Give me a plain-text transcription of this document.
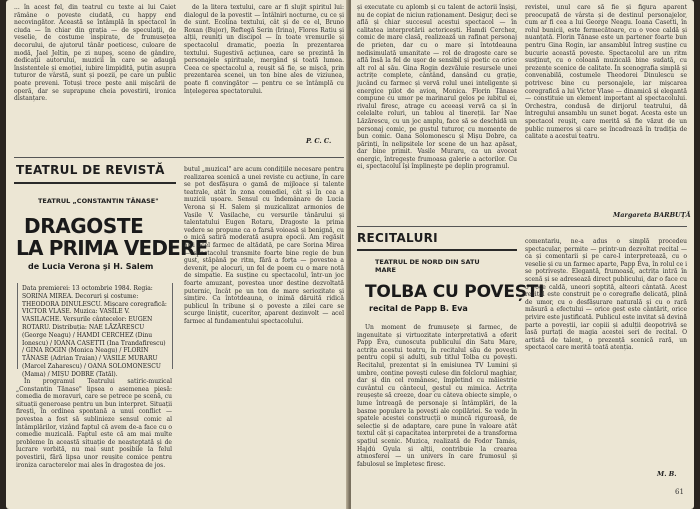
... în acest fel, din teatrul cu texte ai lui Caiet rămâne o poveste ciudată, cu happy end necovingător. Această se întâmplă în spectacol în ciuda — în chiar din grația — de speculații, de veselie, de costume inspirate, de frumusețea decorului, de ajutorul tânăr poeticesc, culoare de modă, Jael Jeltin, pe zi nupeș, sceno de gândire, dedicații autorului, muzicii în care se adaugă însistentele și emoției, iubire limpidită, puțin asupra tuturor de vârstă, sunt și poezii, pe care un public poate preveni. Totuși trece peste anii mișcării de operă, dar se suprapune cheia povestirii, ironica distanțare.

de la litera textului, care ar fi slujit spiritul lui: dialogul de la povestit — întâlniri nocturne, cu ce și de sunt. Ecolina textului, cât și de ce el, Bruno Roxan (Bujor), Reftegă Serin (Irina), Flores Ratiu și alții, reuniți un discipol — în toate vremurile și spectacolul dramatic, poezia în prezentarea textului. Sugestivă acțiunea, care se prezintă în personajele spirituale, mergând și toată lumea. Ceea ce spectacolul a, reușit să fie, se mișcă, prin prezentarea scenei, un ton bine ales de viziunea, poate fi convingător — pentru ce se întâmplă cu înțelegerea spectatorului.

P. C. C.
TEATRUL DE REVISTĂ
TEATRUL „CONSTANTIN TĂNASE"
DRAGOSTE
LA PRIMA VEDERE
de Lucia Verona și H. Salem
Data premierei: 13 octombrie 1984. Regia: SORINA MIREA. Decoruri și costume: THEODORA DINULESCU. Mișcare coregrafică: VICTOR VLASE. Muzica: VASILE V. VASILACHE. Versurile cântecelor: EUGEN ROTARU. Distribuția: NAE LĂZĂRESCU (George Neagu) / HAMDI CERCHEZ (Dinu Ionescu) / IOANA CASETTI (Ina Trandafirescu) / GINA ROGIN (Monica Neagu) / FLORIN TĂNASE (Adrian Traian) / VASILE MURARU (Marcel Zaharescu) / OANA SOLOMONESCU (Mama) / MIȘU DOBRE (Tatăl).

În programul Teatrului satiric-muzical „Constantin Tănase" lipsea o asemenea piesă: comedia de moravuri, care se petrece pe scenă, cu situații generoase pentru un bun interpret. Situații firești, în ordinea spontană a unui conflict — povestea a fost să sublinieze sensul comic al întâmplărilor, vizând faptul că avem de-a face cu o comedie muzicală. Faptul este că am mai multe probleme în această situație de neașteptată și de lucrare vorbită, nu mai sunt posibile la felul povestirii, fără lipsa unor reușite comice pentru ironiza caracterelor mai ales în dragostea de jos.

butul „muzical" are acum condițiile necesare pentru realizarea scenică a unei reviste cu acțiune, în care se pot desfășura o gamă de mijloace și talente teatrale, atât în zona comediei, cât și în cea a muzicii ușoare. Sensul cu îndemânare de Lucia Verona și H. Salem și muzicalizat armonios de Vasile V. Vasilache, cu versurile tânărului și talentatului Eugen Rotaru, Dragoste la prima vedere se propune ca o farsă voioasă și benignă, cu o mică satiră moderată asupra epocii. Am regăsit aici acel farmec de altădată, pe care Sorina Mirea — spectacolul transmite foarte bine regie de bun gust, stăpână pe ritm, fără a forța — povestea a devenit, pe alocuri, un fel de poem cu o mare notă de simpatie. Ea susține cu spectacolul, într-un joc foarte amuzant, povestea unor destine dezvoltată puternic, încât pe un ton de mare seriozitate și simțire. Ca întotdeauna, o inimă dăruită ridică publicul în tribune și o poveste a zilei care se scurge liniștit, cuceritor, aparent dezinvolt — acel farmec al fundamentului spectacolului.

și executate cu aplomb și cu talent de actorii înșiși, nu de copiat de niciun raționament. Desigur, deci se află și chiar succesul acestui spectacol — în calitatea interpretării actoricești. Hamdi Cerchez, comic de mare clasă, realizează un rafinat personaj de prieten, dar cu o mare și întotdeauna nedisimulată umanitate — rol de dragoste care se află însă la fel de ușor de sensibil și poetic ca orice alt rol al său. Gina Rogin dezvăluie resursele unei actrițe complete, cântând, dansând cu grație, jucând cu farmec și vervă rolul unei inteligente și energice pilot de avion, Monica. Florin Tănase compune cu umor pe marinarul gelos pe iubitul ei, rivalul firesc, atrage cu aceeași vervă ca și în celelalte roluri, un tablou al tinereții. Iar Nae Lăzărescu, cu un joc amplu, face să se deschidă un personaj comic, pe gustul tuturor, cu momente de bun comic. Oana Solomonescu și Mișu Dobre, ca părinți, în nelipsitele lor scene de un haz apăsat, dar bine primit. Vasile Muraru, ca un avocat energic, întregește frumoasa galerie a actorilor. Cu ei, spectacolul își împlinește pe deplin programul.

revistei, unul care să fie și figura aparent preocupată de vârsta și de destinul personajelor, cum ar fi cea a lui George Neagu. Ioana Casetti, în rolul bunicii, este fermecătoare, cu o voce caldă și nuanțată. Florin Tănase este un partener foarte bun pentru Gina Rogin, iar ansamblul întreg susține cu bucurie această poveste. Spectacolul are un ritm susținut, cu o coloană muzicală bine sudată, cu prezențe scenice de calitate. În scenografia simplă și convenabilă, costumele Theodorei Dinulescu se potrivesc bine cu personajele, iar mișcarea coregrafică a lui Victor Vlase — dinamică și elegantă — constituie un element important al spectacolului. Orchestra, condusă de dirijorul teatrului, dă întregului ansamblu un sunet bogat. Acesta este un spectacol reușit, care merită să fie văzut de un public numeros și care se încadrează în tradiția de calitate a acestui teatru.

Margareta BARBUȚĂ
RECITALURI
TEATRUL DE NORD DIN SATU MARE
TOLBA CU POVEȘTI
recital de Papp B. Eva

Un moment de frumusețe și farmec, de ingenuitate și virtuozitate interpretativă a oferit Papp Éva, cunoscuta publicului din Satu Mare, actrița acestui teatru, în recitalul său de povești pentru copii și adulți, sub titlul Tolba cu povești. Recitalul, prezentat și în emisiunea TV Lumini și umbre, conține povești culese din folclorul maghiar, dar și din cel românesc, împletind cu măiestrie cuvântul cu cântecul, gestul cu mimica. Actrița reușește să creeze, doar cu câteva obiecte simple, o lume întreagă de personaje și întâmplări, de la basme populare la povești ale copilăriei. Se vede în spatele acestei construcții o muncă riguroasă, de selecție și de adaptare, care pune în valoare atât textul cât și capacitatea interpretei de a transforma spațiul scenic. Muzica, realizată de Fodor Tamás, Hajdú Gyula și alții, contribuie la crearea atmosferei — un univers în care frumosul și fabulosul se împletesc firesc.

comentariu, ne-a adus o simplă procedeu spectacular, permite — printr-un dezvoltat recital — ca și comentarii și pe care-l interpretează, cu o veselie și cu un farmec aparte, Papp Éva, în rolul ce i se potrivește. Elegantă, frumoasă, actrița intră în scenă și se adresează direct publicului, dar o face cu o voce caldă, uneori șoptită, alteori cântată. Acest recital este construit pe o coregrafie delicată, plină de umor, cu o desfășurare naturală și cu o rară măsură a efectului — orice gest este cântărit, orice privire este justificată. Publicul este invitat să devină parte a poveștii, iar copiii și adulții deopotrivă se lasă purtați de magia acestei seri de recital. O artistă de talent, o prezență scenică rară, un spectacol care merită toată atenția.

M. B.
61
